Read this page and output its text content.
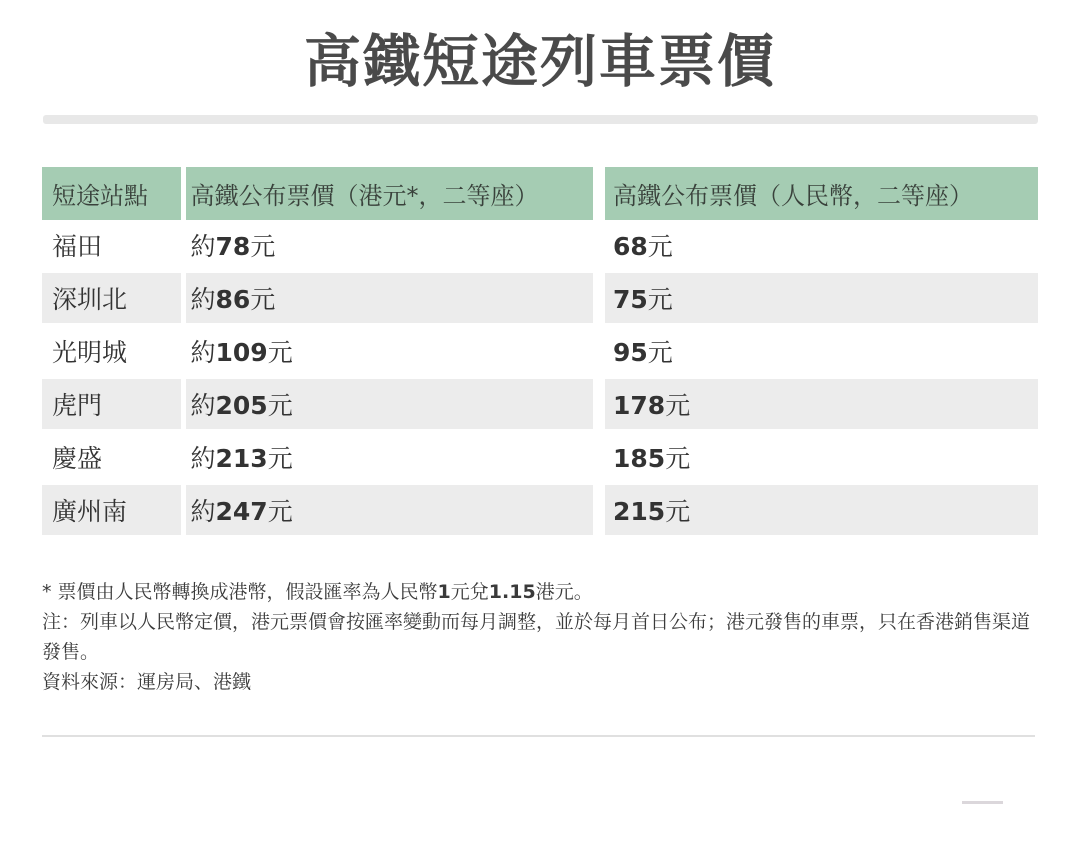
高鐵短途列車票價
短途站點	高鐵公布票價（港元*，二等座）	高鐵公布票價（人民幣，二等座）
福田	約78元	68元
深圳北	約86元	75元
光明城	約109元	95元
虎門	約205元	178元
慶盛	約213元	185元
廣州南	約247元	215元

* 票價由人民幣轉換成港幣，假設匯率為人民幣1元兌1.15港元。

注：列車以人民幣定價，港元票價會按匯率變動而每月調整，並於每月首日公布；港元發售的車票，只在香港銷售渠道發售。

資料來源：運房局、港鐵
